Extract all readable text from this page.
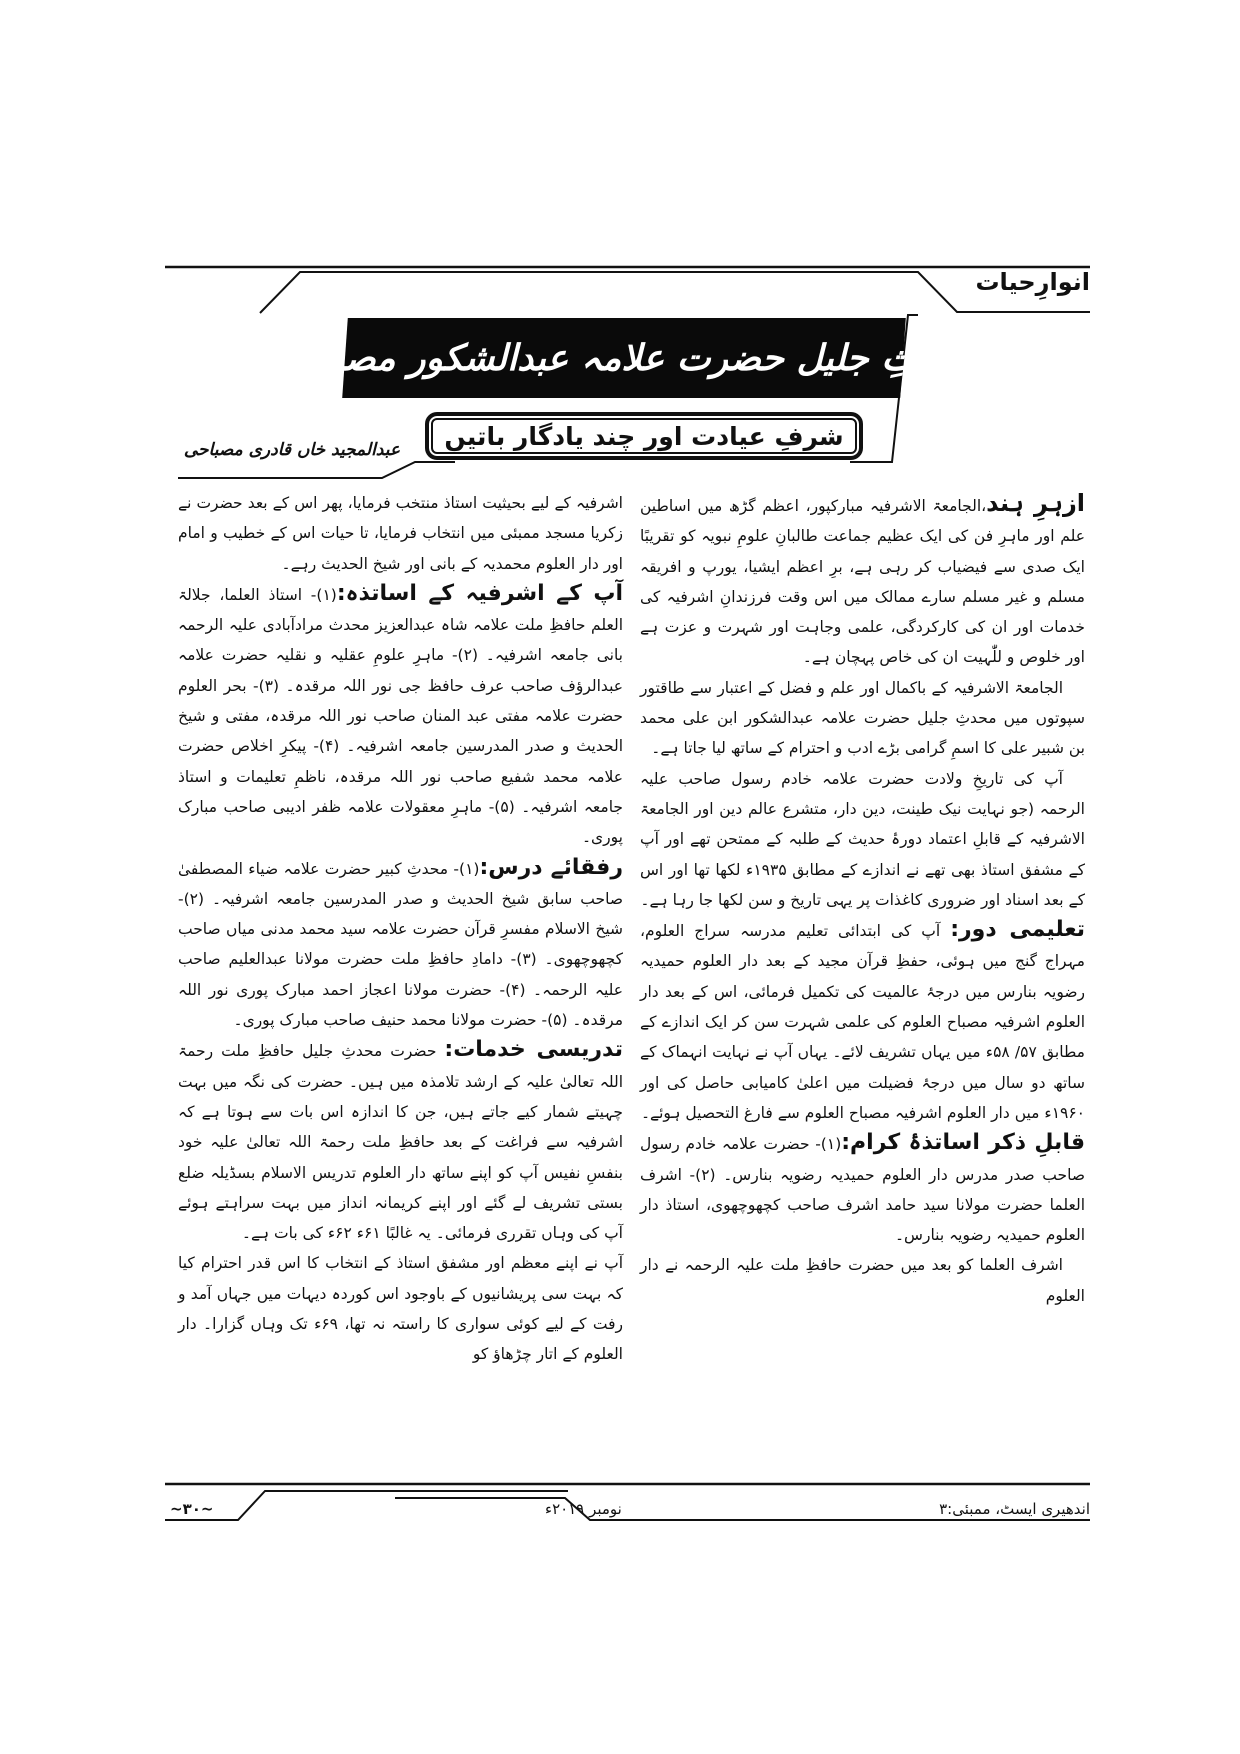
انوارِحیات
محدثِ جلیل حضرت علامہ عبدالشکور مصباحی
شرفِ عیادت اور چند یادگار باتیں
عبدالمجید خاں قادری مصباحی

ازہرِ ہند،الجامعۃ الاشرفیہ مبارکپور، اعظم گڑھ میں اساطین علم اور ماہرِ فن کی ایک عظیم جماعت طالبانِ علومِ نبویہ کو تقریبًا ایک صدی سے فیضیاب کر رہی ہے، برِ اعظم ایشیا، یورپ و افریقہ مسلم و غیر مسلم سارے ممالک میں اس وقت فرزندانِ اشرفیہ کی خدمات اور ان کی کارکردگی، علمی وجاہت اور شہرت و عزت ہے اور خلوص و للّٰہیت ان کی خاص پہچان ہے۔

الجامعۃ الاشرفیہ کے باکمال اور علم و فضل کے اعتبار سے طاقتور سپوتوں میں محدثِ جلیل حضرت علامہ عبدالشکور ابن علی محمد بن شبیر علی کا اسمِ گرامی بڑے ادب و احترام کے ساتھ لیا جاتا ہے۔

آپ کی تاریخِ ولادت حضرت علامہ خادم رسول صاحب علیہ الرحمہ (جو نہایت نیک طینت، دین دار، متشرع عالم دین اور الجامعۃ الاشرفیہ کے قابلِ اعتماد دورۂ حدیث کے طلبہ کے ممتحن تھے اور آپ کے مشفق استاذ بھی تھے نے اندازے کے مطابق ۱۹۳۵ء لکھا تھا اور اس کے بعد اسناد اور ضروری کاغذات پر یہی تاریخ و سن لکھا جا رہا ہے۔

تعلیمی دور: آپ کی ابتدائی تعلیم مدرسہ سراج العلوم، مہراج گنج میں ہوئی، حفظِ قرآن مجید کے بعد دار العلوم حمیدیہ رضویہ بنارس میں درجۂ عالمیت کی تکمیل فرمائی، اس کے بعد دار العلوم اشرفیہ مصباح العلوم کی علمی شہرت سن کر ایک اندازے کے مطابق ۵۷/ ۵۸ء میں یہاں تشریف لائے۔ یہاں آپ نے نہایت انہماک کے ساتھ دو سال میں درجۂ فضیلت میں اعلیٰ کامیابی حاصل کی اور ۱۹۶۰ء میں دار العلوم اشرفیہ مصباح العلوم سے فارغ التحصیل ہوئے۔

قابلِ ذکر اساتذۂ کرام:(۱)- حضرت علامہ خادم رسول صاحب صدر مدرس دار العلوم حمیدیہ رضویہ بنارس۔ (۲)- اشرف العلما حضرت مولانا سید حامد اشرف صاحب کچھوچھوی، استاذ دار العلوم حمیدیہ رضویہ بنارس۔

اشرف العلما کو بعد میں حضرت حافظِ ملت علیہ الرحمہ نے دار العلوم

اشرفیہ کے لیے بحیثیت استاذ منتخب فرمایا، پھر اس کے بعد حضرت نے زکریا مسجد ممبئی میں انتخاب فرمایا، تا حیات اس کے خطیب و امام اور دار العلوم محمدیہ کے بانی اور شیخ الحدیث رہے۔

آپ کے اشرفیہ کے اساتذہ:(۱)- استاذ العلما، جلالۃ العلم حافظِ ملت علامہ شاہ عبدالعزیز محدث مرادآبادی علیہ الرحمہ بانی جامعہ اشرفیہ۔ (۲)- ماہرِ علومِ عقلیہ و نقلیہ حضرت علامہ عبدالرؤف صاحب عرف حافظ جی نور اللہ مرقدہ۔ (۳)- بحر العلوم حضرت علامہ مفتی عبد المنان صاحب نور اللہ مرقدہ، مفتی و شیخ الحدیث و صدر المدرسین جامعہ اشرفیہ۔ (۴)- پیکرِ اخلاص حضرت علامہ محمد شفیع صاحب نور اللہ مرقدہ، ناظمِ تعلیمات و استاذ جامعہ اشرفیہ۔ (۵)- ماہرِ معقولات علامہ ظفر ادیبی صاحب مبارک پوری۔

رفقائے درس:(۱)- محدثِ کبیر حضرت علامہ ضیاء المصطفیٰ صاحب سابق شیخ الحدیث و صدر المدرسین جامعہ اشرفیہ۔ (۲)- شیخ الاسلام مفسرِ قرآن حضرت علامہ سید محمد مدنی میاں صاحب کچھوچھوی۔ (۳)- دامادِ حافظِ ملت حضرت مولانا عبدالعلیم صاحب علیہ الرحمہ۔ (۴)- حضرت مولانا اعجاز احمد مبارک پوری نور اللہ مرقدہ۔ (۵)- حضرت مولانا محمد حنیف صاحب مبارک پوری۔

تدریسی خدمات: حضرت محدثِ جلیل حافظِ ملت رحمۃ اللہ تعالیٰ علیہ کے ارشد تلامذہ میں ہیں۔ حضرت کی نگہ میں بہت چہیتے شمار کیے جاتے ہیں، جن کا اندازہ اس بات سے ہوتا ہے کہ اشرفیہ سے فراغت کے بعد حافظِ ملت رحمۃ اللہ تعالیٰ علیہ خود بنفسِ نفیس آپ کو اپنے ساتھ دار العلوم تدریس الاسلام بسڈیلہ ضلع بستی تشریف لے گئے اور اپنے کریمانہ انداز میں بہت سراہتے ہوئے آپ کی وہاں تقرری فرمائی۔ یہ غالبًا ۶۱ء ۶۲ء کی بات ہے۔

آپ نے اپنے معظم اور مشفق استاذ کے انتخاب کا اس قدر احترام کیا کہ بہت سی پریشانیوں کے باوجود اس کوردہ دیہات میں جہاں آمد و رفت کے لیے کوئی سواری کا راستہ نہ تھا، ۶۹ء تک وہاں گزارا۔ دار العلوم کے اتار چڑھاؤ کو

اندھیری ایسٹ، ممبئی:۳
نومبر ۲۰۱۹ء
~۳۰~
